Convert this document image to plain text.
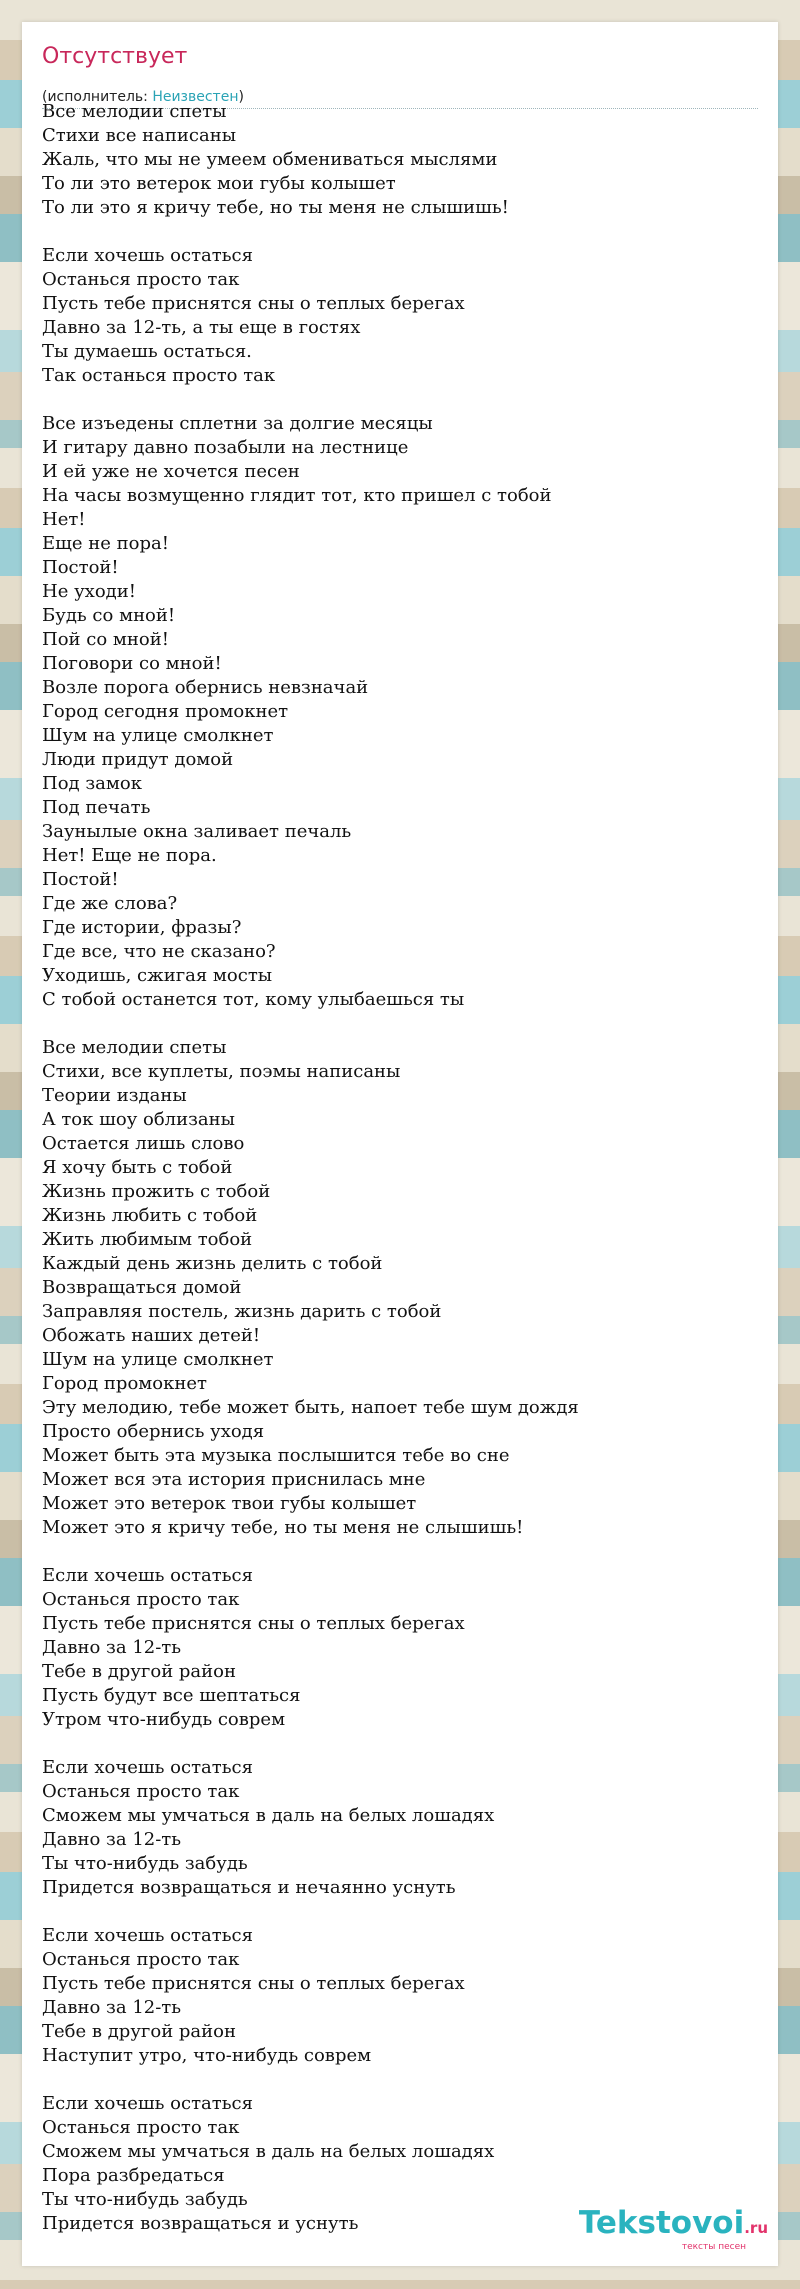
Отсутствует
(исполнитель: Неизвестен)
Все мелодии спеты
Стихи все написаны
Жаль, что мы не умеем обмениваться мыслями
То ли это ветерок мои губы колышет
То ли это я кричу тебе, но ты меня не слышишь!
Если хочешь остаться
Останься просто так
Пусть тебе приснятся сны о теплых берегах
Давно за 12-ть, а ты еще в гостях
Ты думаешь остаться.
Так останься просто так
Все изъедены сплетни за долгие месяцы
И гитару давно позабыли на лестнице
И ей уже не хочется песен
На часы возмущенно глядит тот, кто пришел с тобой
Нет!
Еще не пора!
Постой!
Не уходи!
Будь со мной!
Пой со мной!
Поговори со мной!
Возле порога обернись невзначай
Город сегодня промокнет
Шум на улице смолкнет
Люди придут домой
Под замок
Под печать
Заунылые окна заливает печаль
Нет! Еще не пора.
Постой!
Где же слова?
Где истории, фразы?
Где все, что не сказано?
Уходишь, сжигая мосты
С тобой останется тот, кому улыбаешься ты
Все мелодии спеты
Стихи, все куплеты, поэмы написаны
Теории изданы
А ток шоу облизаны
Остается лишь слово
Я хочу быть с тобой
Жизнь прожить с тобой
Жизнь любить с тобой
Жить любимым тобой
Каждый день жизнь делить с тобой
Возвращаться домой
Заправляя постель, жизнь дарить с тобой
Обожать наших детей!
Шум на улице смолкнет
Город промокнет
Эту мелодию, тебе может быть, напоет тебе шум дождя
Просто обернись уходя
Может быть эта музыка послышится тебе во сне
Может вся эта история приснилась мне
Может это ветерок твои губы колышет
Может это я кричу тебе, но ты меня не слышишь!
Если хочешь остаться
Останься просто так
Пусть тебе приснятся сны о теплых берегах
Давно за 12-ть
Тебе в другой район
Пусть будут все шептаться
Утром что-нибудь соврем
Если хочешь остаться
Останься просто так
Сможем мы умчаться в даль на белых лошадях
Давно за 12-ть
Ты что-нибудь забудь
Придется возвращаться и нечаянно уснуть
Если хочешь остаться
Останься просто так
Пусть тебе приснятся сны о теплых берегах
Давно за 12-ть
Тебе в другой район
Наступит утро, что-нибудь соврем
Если хочешь остаться
Останься просто так
Сможем мы умчаться в даль на белых лошадях
Пора разбредаться
Ты что-нибудь забудь
Придется возвращаться и уснуть	Tekstovoi.ru
тексты песен
